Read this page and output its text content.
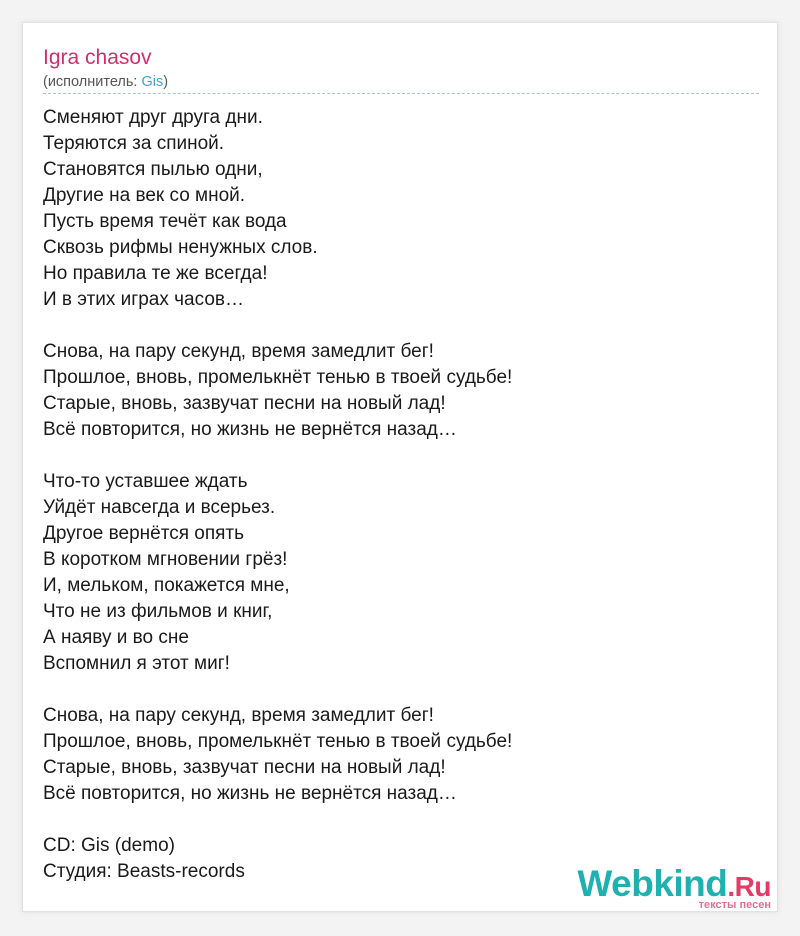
Igra chasov
(исполнитель: Gis)
Сменяют друг друга дни.
Теряются за спиной.
Становятся пылью одни,
Другие на век со мной.
Пусть время течёт как вода
Сквозь рифмы ненужных слов.
Но правила те же всегда!
И в этих играх часов…
Снова, на пару секунд, время замедлит бег!
Прошлое, вновь, промелькнёт тенью в твоей судьбе!
Старые, вновь, зазвучат песни на новый лад!
Всё повторится, но жизнь не вернётся назад…
Что-то уставшее ждать
Уйдёт навсегда и всерьез.
Другое вернётся опять
В коротком мгновении грёз!
И, мельком, покажется мне,
Что не из фильмов и книг,
А наяву и во сне
Вспомнил я этот миг!
Снова, на пару секунд, время замедлит бег!
Прошлое, вновь, промелькнёт тенью в твоей судьбе!
Старые, вновь, зазвучат песни на новый лад!
Всё повторится, но жизнь не вернётся назад…
CD: Gis (demo)
Студия: Beasts-records	Webkind.Ru
тексты песен
